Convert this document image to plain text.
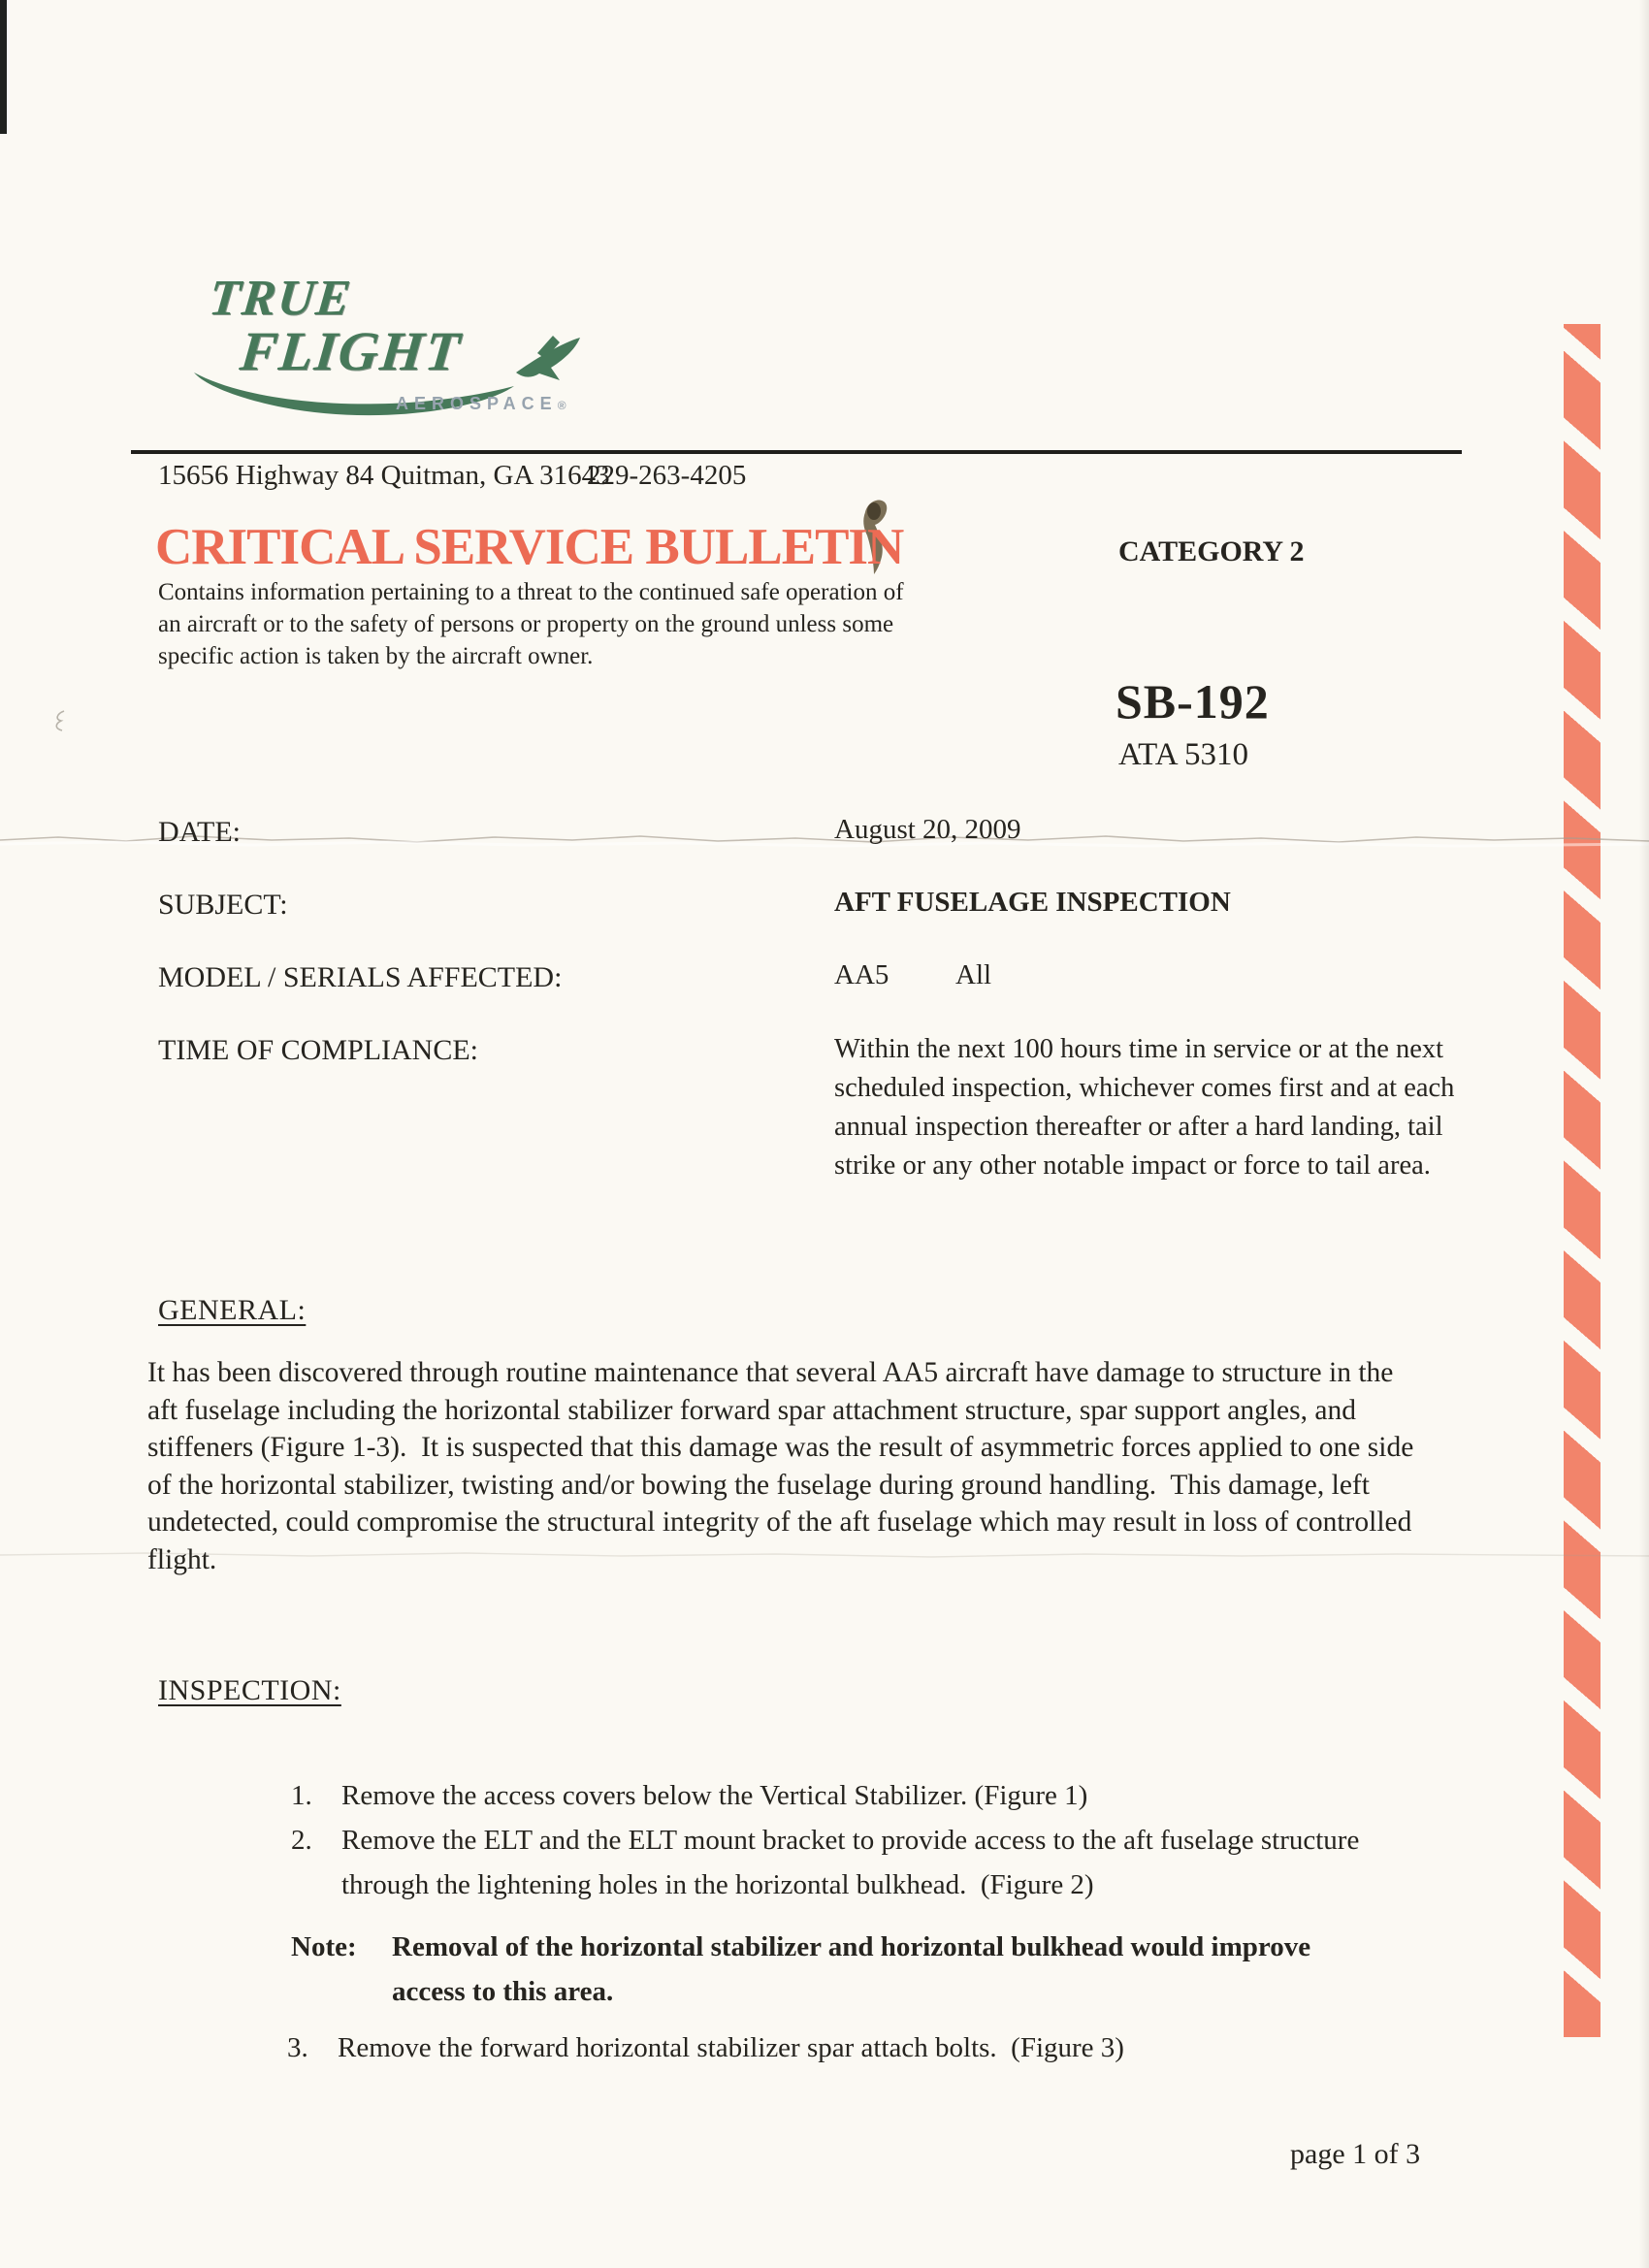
TRUE
FLIGHT
AEROSPACE®
15656 Highway 84 Quitman, GA 31643
229-263-4205
CRITICAL SERVICE BULLETIN	CATEGORY 2
Contains information pertaining to a threat to the continued safe operation of an aircraft or to the safety of persons or property on the ground unless some specific action is taken by the aircraft owner.
SB-192
ATA 5310
DATE:	August 20, 2009
SUBJECT:	AFT FUSELAGE INSPECTION
MODEL / SERIALS AFFECTED:	AA5 All
TIME OF COMPLIANCE:	Within the next 100 hours time in service or at the next scheduled inspection, whichever comes first and at each annual inspection thereafter or after a hard landing, tail strike or any other notable impact or force to tail area.
GENERAL:
It has been discovered through routine maintenance that several AA5 aircraft have damage to structure in the aft fuselage including the horizontal stabilizer forward spar attachment structure, spar support angles, and stiffeners (Figure 1-3).  It is suspected that this damage was the result of asymmetric forces applied to one side of the horizontal stabilizer, twisting and/or bowing the fuselage during ground handling.  This damage, left undetected, could compromise the structural integrity of the aft fuselage which may result in loss of controlled flight.
INSPECTION:
1. Remove the access covers below the Vertical Stabilizer. (Figure 1)
2. Remove the ELT and the ELT mount bracket to provide access to the aft fuselage structure through the lightening holes in the horizontal bulkhead.  (Figure 2)
Note: Removal of the horizontal stabilizer and horizontal bulkhead would improve access to this area.
3. Remove the forward horizontal stabilizer spar attach bolts.  (Figure 3)
page 1 of 3
